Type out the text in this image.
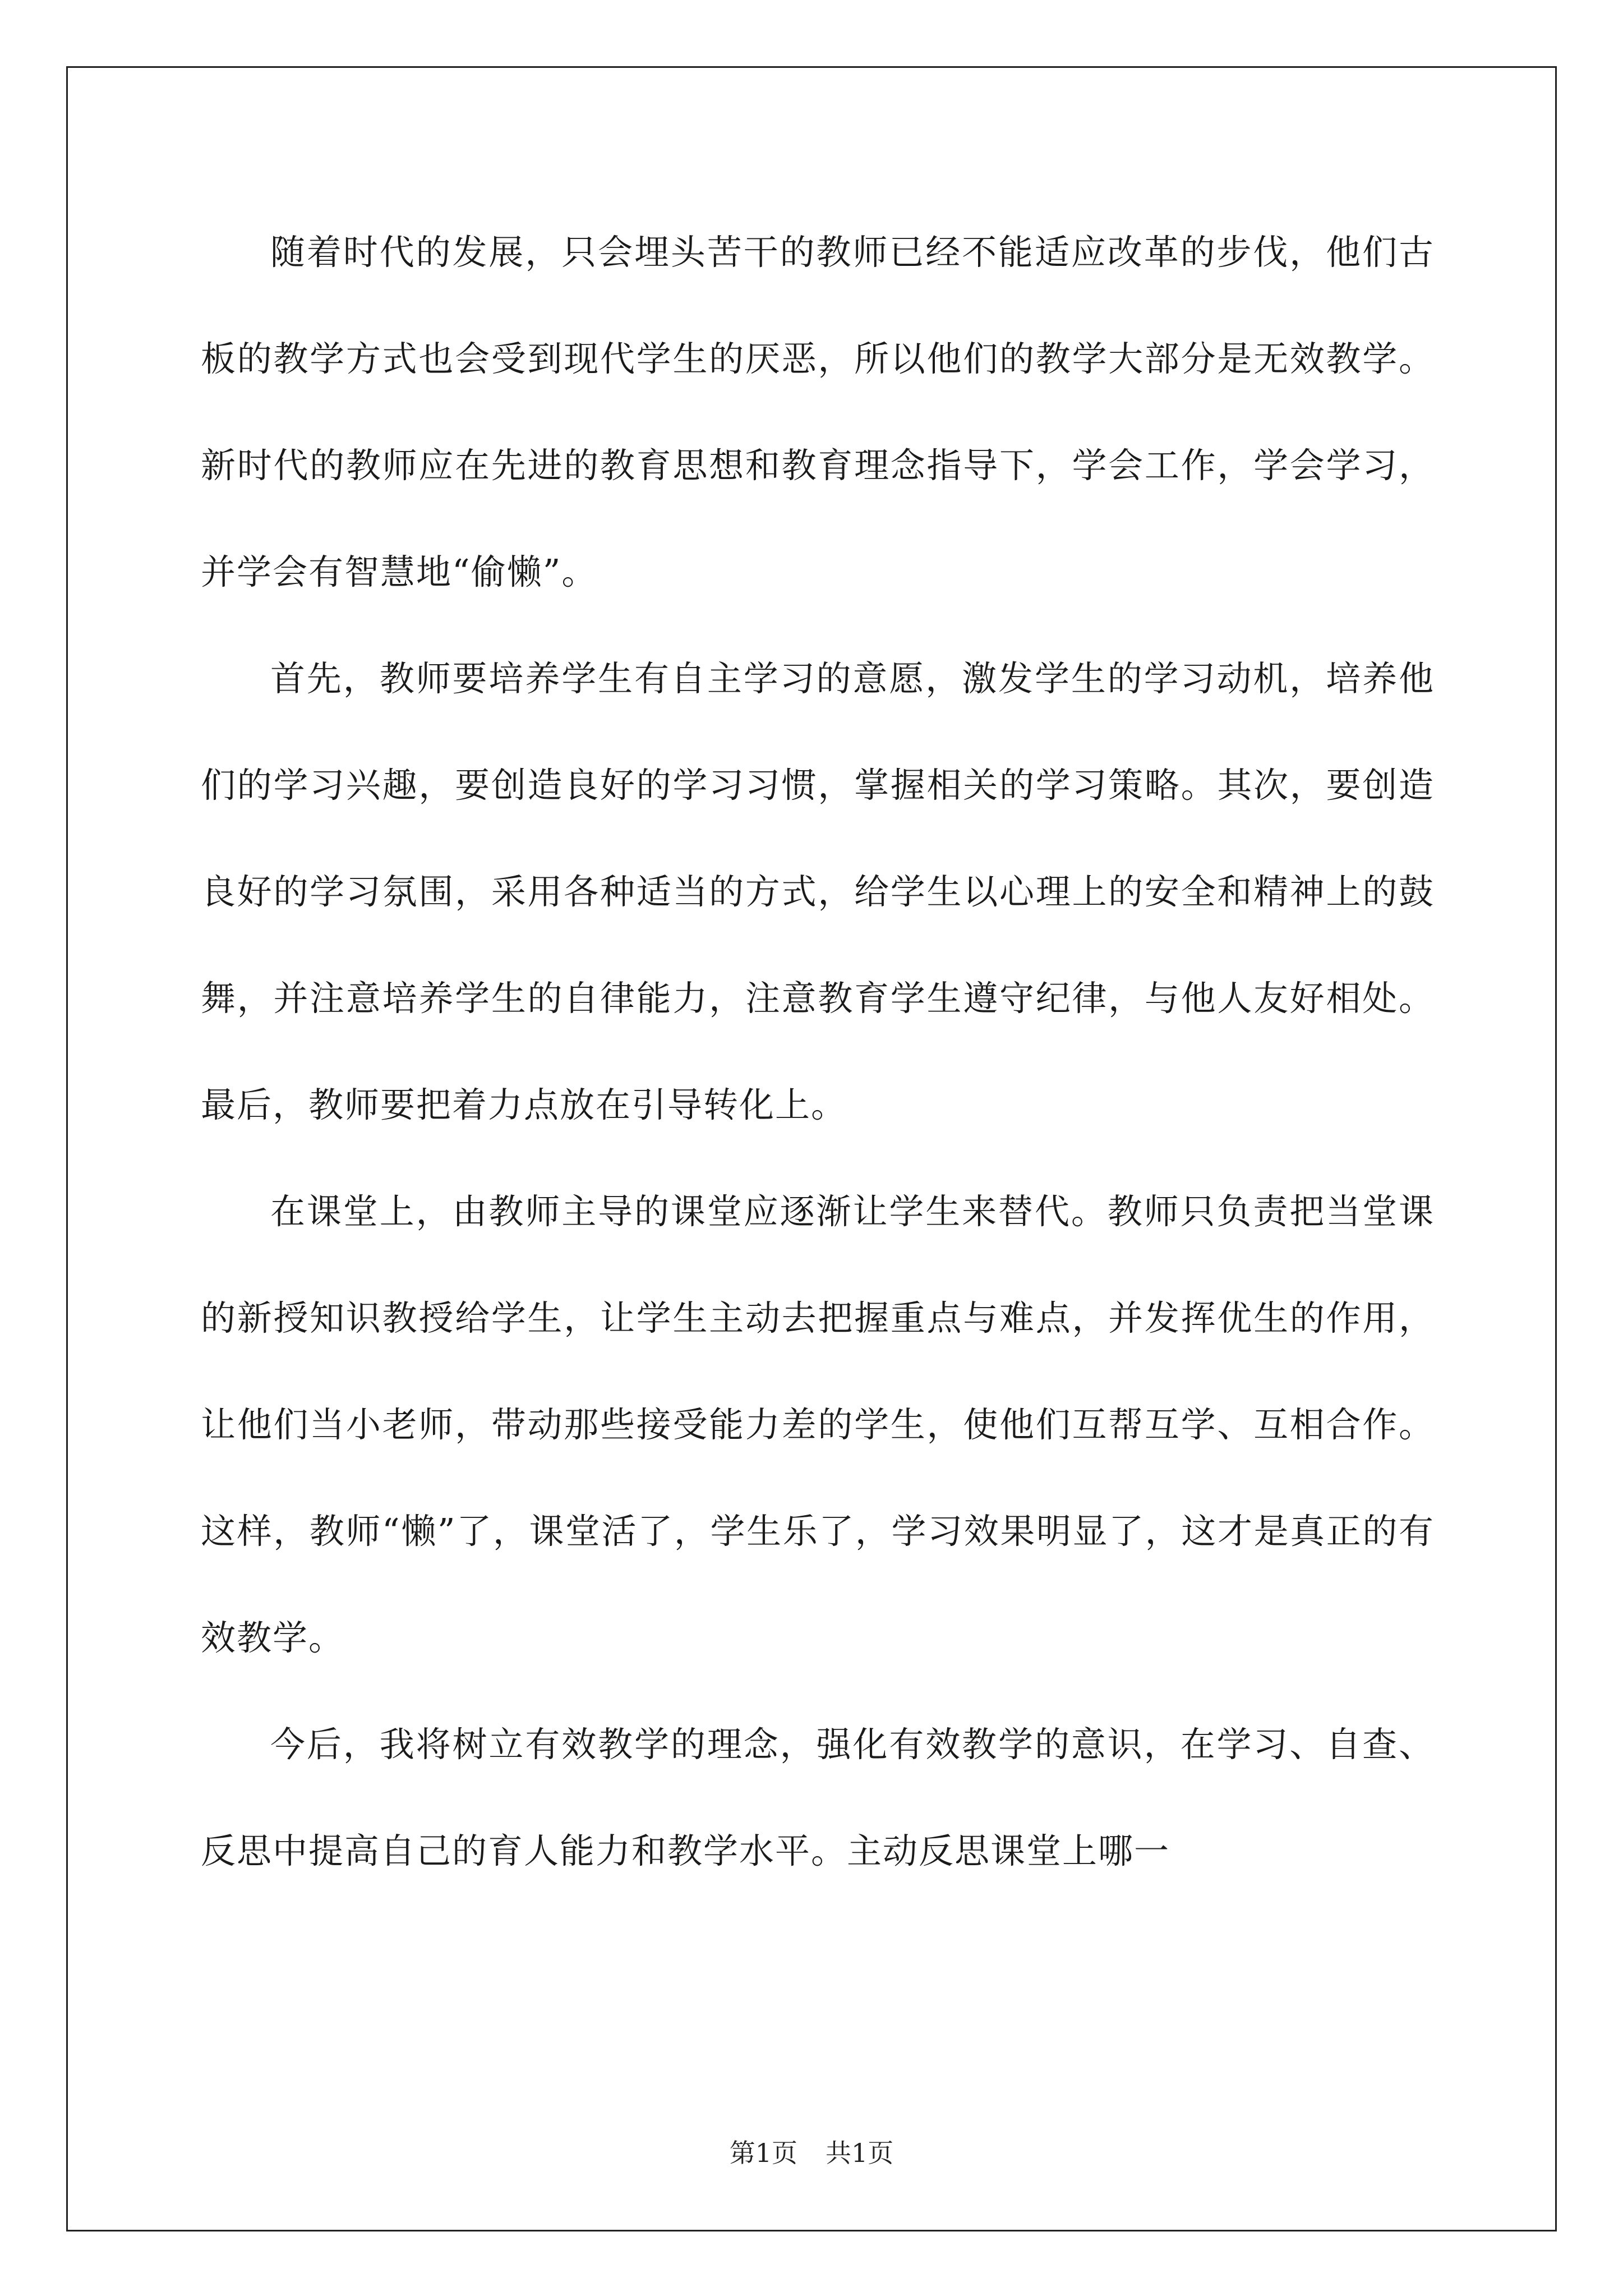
随着时代的发展，只会埋头苦干的教师已经不能适应改革的步伐，他们古板的教学方式也会受到现代学生的厌恶，所以他们的教学大部分是无效教学。新时代的教师应在先进的教育思想和教育理念指导下，学会工作，学会学习，并学会有智慧地“偷懒”。

首先，教师要培养学生有自主学习的意愿，激发学生的学习动机，培养他们的学习兴趣，要创造良好的学习习惯，掌握相关的学习策略。其次，要创造良好的学习氛围，采用各种适当的方式，给学生以心理上的安全和精神上的鼓舞，并注意培养学生的自律能力，注意教育学生遵守纪律，与他人友好相处。最后，教师要把着力点放在引导转化上。

在课堂上，由教师主导的课堂应逐渐让学生来替代。教师只负责把当堂课的新授知识教授给学生，让学生主动去把握重点与难点，并发挥优生的作用，让他们当小老师，带动那些接受能力差的学生，使他们互帮互学、互相合作。这样，教师“懒”了，课堂活了，学生乐了，学习效果明显了，这才是真正的有效教学。

今后，我将树立有效教学的理念，强化有效教学的意识，在学习、自查、反思中提高自己的育人能力和教学水平。主动反思课堂上哪一

第1页 共1页
